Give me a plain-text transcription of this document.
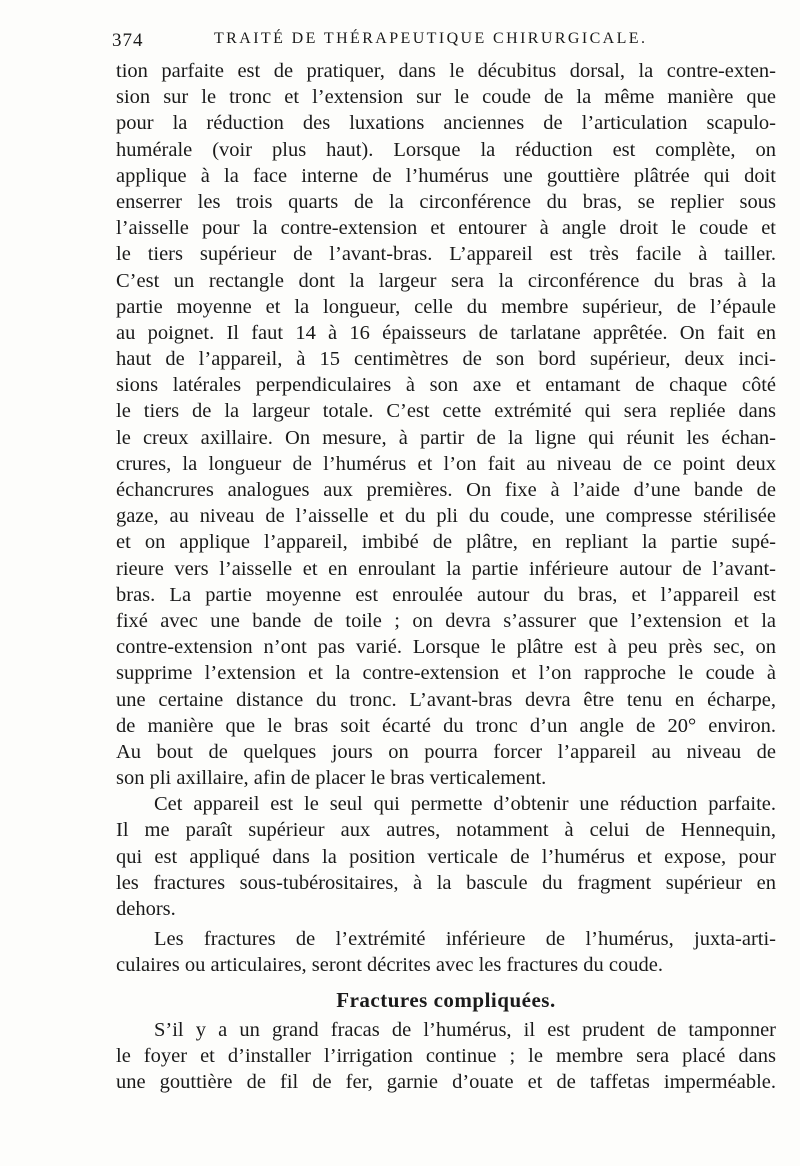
374	TRAITÉ DE THÉRAPEUTIQUE CHIRURGICALE.
tion parfaite est de pratiquer, dans le décubitus dorsal, la contre-exten-
sion sur le tronc et l’extension sur le coude de la même manière que
pour la réduction des luxations anciennes de l’articulation scapulo-
humérale (voir plus haut). Lorsque la réduction est complète, on
applique à la face interne de l’humérus une gouttière plâtrée qui doit
enserrer les trois quarts de la circonférence du bras, se replier sous
l’aisselle pour la contre-extension et entourer à angle droit le coude et
le tiers supérieur de l’avant-bras. L’appareil est très facile à tailler.
C’est un rectangle dont la largeur sera la circonférence du bras à la
partie moyenne et la longueur, celle du membre supérieur, de l’épaule
au poignet. Il faut 14 à 16 épaisseurs de tarlatane apprêtée. On fait en
haut de l’appareil, à 15 centimètres de son bord supérieur, deux inci-
sions latérales perpendiculaires à son axe et entamant de chaque côté
le tiers de la largeur totale. C’est cette extrémité qui sera repliée dans
le creux axillaire. On mesure, à partir de la ligne qui réunit les échan-
crures, la longueur de l’humérus et l’on fait au niveau de ce point deux
échancrures analogues aux premières. On fixe à l’aide d’une bande de
gaze, au niveau de l’aisselle et du pli du coude, une compresse stérilisée
et on applique l’appareil, imbibé de plâtre, en repliant la partie supé-
rieure vers l’aisselle et en enroulant la partie inférieure autour de l’avant-
bras. La partie moyenne est enroulée autour du bras, et l’appareil est
fixé avec une bande de toile ; on devra s’assurer que l’extension et la
contre-extension n’ont pas varié. Lorsque le plâtre est à peu près sec, on
supprime l’extension et la contre-extension et l’on rapproche le coude à
une certaine distance du tronc. L’avant-bras devra être tenu en écharpe,
de manière que le bras soit écarté du tronc d’un angle de 20° environ.
Au bout de quelques jours on pourra forcer l’appareil au niveau de
son pli axillaire, afin de placer le bras verticalement.
Cet appareil est le seul qui permette d’obtenir une réduction parfaite.
Il me paraît supérieur aux autres, notamment à celui de Hennequin,
qui est appliqué dans la position verticale de l’humérus et expose, pour
les fractures sous-tubérositaires, à la bascule du fragment supérieur en
dehors.
Les fractures de l’extrémité inférieure de l’humérus, juxta-arti-
culaires ou articulaires, seront décrites avec les fractures du coude.
Fractures compliquées.
S’il y a un grand fracas de l’humérus, il est prudent de tamponner
le foyer et d’installer l’irrigation continue ; le membre sera placé dans
une gouttière de fil de fer, garnie d’ouate et de taffetas imperméable.
